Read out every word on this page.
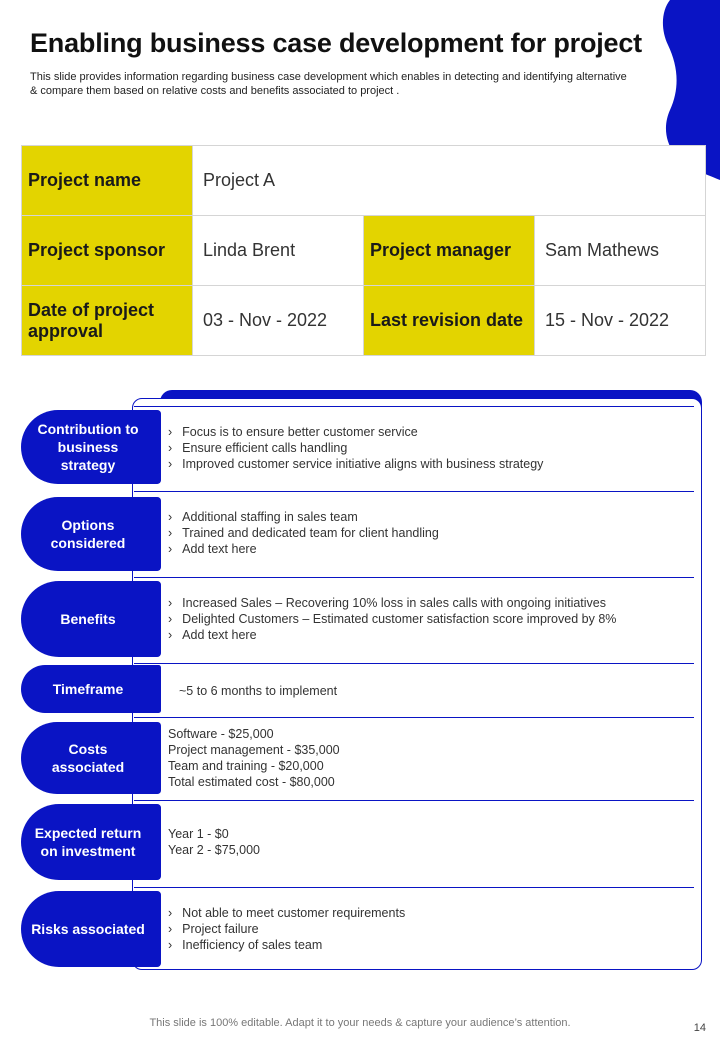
Enabling business case development for project
This slide provides information regarding business case development which enables in detecting and identifying alternative & compare them based on relative costs and benefits associated to project .
Project name	Project A		
Project sponsor	Linda Brent	Project manager	Sam Mathews
Date of project approval	03 - Nov - 2022	Last revision date	15 - Nov - 2022
Contribution to business strategy
› Focus is to ensure better customer service
› Ensure efficient calls handling
› Improved customer service initiative aligns with business strategy
Options considered
› Additional staffing in sales team
› Trained and dedicated team for client handling
› Add text here
Benefits
› Increased Sales – Recovering 10% loss in sales calls with ongoing initiatives
› Delighted Customers – Estimated customer satisfaction score improved by 8%
› Add text here
Timeframe	~5 to 6 months to implement
Costs associated
Software - $25,000
Project management - $35,000
Team and training - $20,000
Total estimated cost - $80,000
Expected return on investment
Year 1 - $0
Year 2 - $75,000
Risks associated
› Not able to meet customer requirements
› Project failure
› Inefficiency of sales team
This slide is 100% editable. Adapt it to your needs & capture your audience’s attention.	14
